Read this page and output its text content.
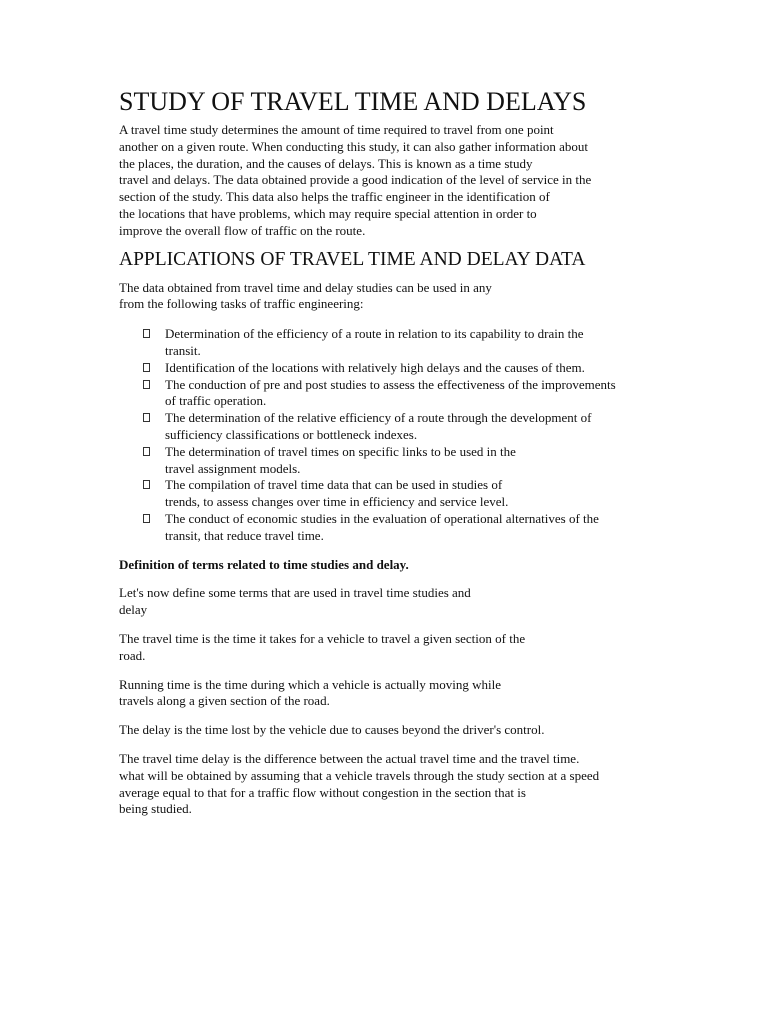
STUDY OF TRAVEL TIME AND DELAYS

A travel time study determines the amount of time required to travel from one point
another on a given route. When conducting this study, it can also gather information about
the places, the duration, and the causes of delays. This is known as a time study
travel and delays. The data obtained provide a good indication of the level of service in the
section of the study. This data also helps the traffic engineer in the identification of
the locations that have problems, which may require special attention in order to
improve the overall flow of traffic on the route.

APPLICATIONS OF TRAVEL TIME AND DELAY DATA

The data obtained from travel time and delay studies can be used in any
from the following tasks of traffic engineering:

Determination of the efficiency of a route in relation to its capability to drain the
transit.
Identification of the locations with relatively high delays and the causes of them.
The conduction of pre and post studies to assess the effectiveness of the improvements
of traffic operation.
The determination of the relative efficiency of a route through the development of
sufficiency classifications or bottleneck indexes.
The determination of travel times on specific links to be used in the
travel assignment models.
The compilation of travel time data that can be used in studies of
trends, to assess changes over time in efficiency and service level.
The conduct of economic studies in the evaluation of operational alternatives of the
transit, that reduce travel time.

Definition of terms related to time studies and delay.

Let's now define some terms that are used in travel time studies and
delay

The travel time is the time it takes for a vehicle to travel a given section of the
road.

Running time is the time during which a vehicle is actually moving while
travels along a given section of the road.

The delay is the time lost by the vehicle due to causes beyond the driver's control.

The travel time delay is the difference between the actual travel time and the travel time.
what will be obtained by assuming that a vehicle travels through the study section at a speed
average equal to that for a traffic flow without congestion in the section that is
being studied.
